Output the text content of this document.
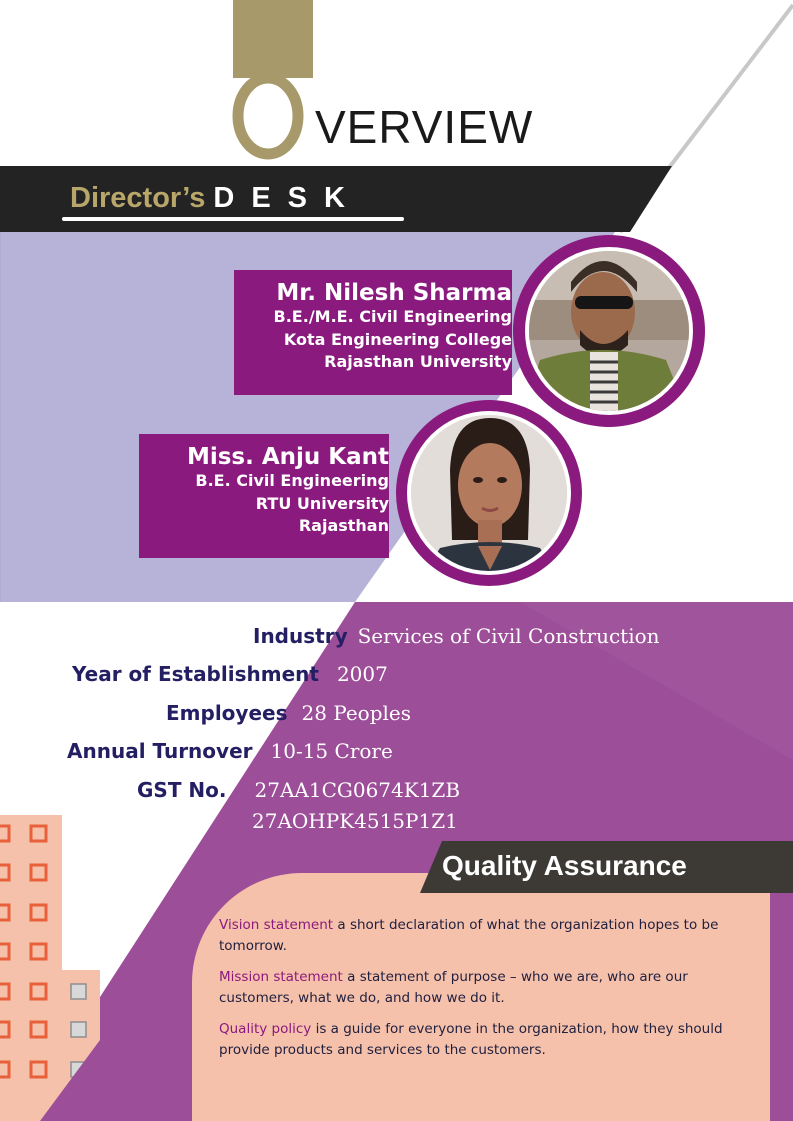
VERVIEW
Director’s DESK
Mr. Nilesh Sharma
B.E./M.E. Civil Engineering
Kota Engineering College
Rajasthan University
Miss. Anju Kant
B.E. Civil Engineering
RTU University
Rajasthan
Industry Services of Civil Construction
Year of Establishment 2007
Employees 28 Peoples
Annual Turnover 10-15 Crore
GST No. 27AA1CG0674K1ZB
27AOHPK4515P1Z1
Quality Assurance

Vision statement a short declaration of what the organization hopes to be tomorrow.

Mission statement a statement of purpose – who we are, who are our customers, what we do, and how we do it.

Quality policy is a guide for everyone in the organization, how they should provide products and services to the customers.
